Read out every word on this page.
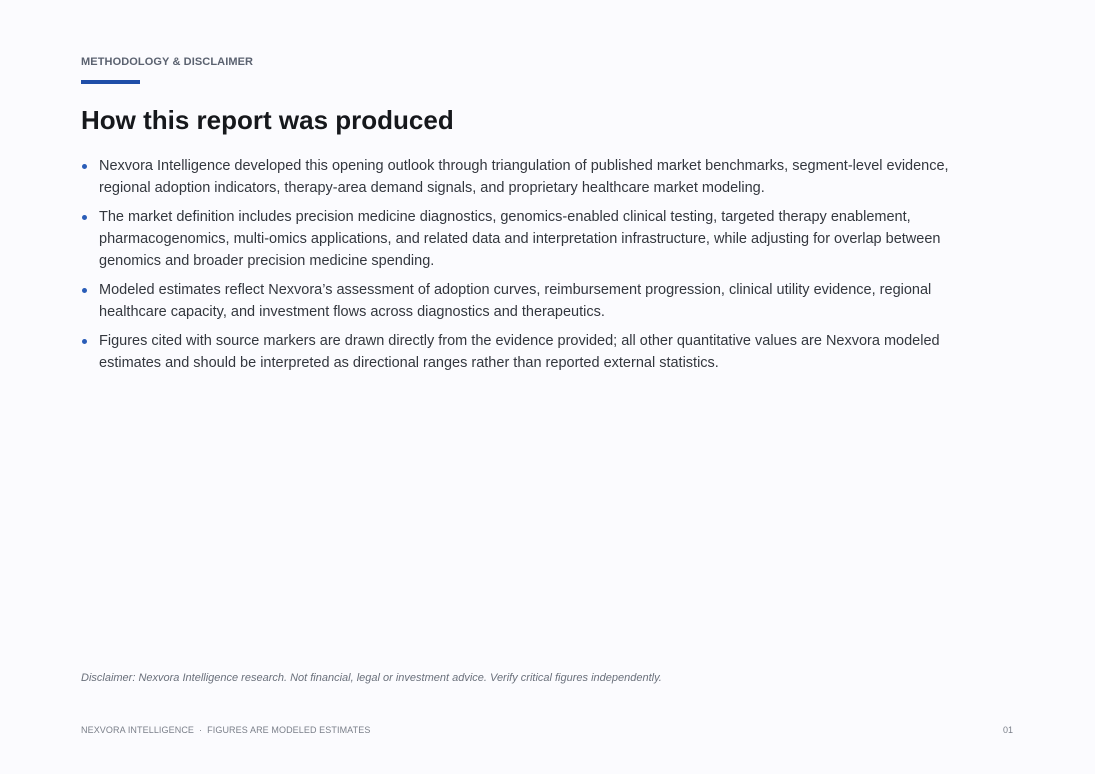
METHODOLOGY & DISCLAIMER
How this report was produced
Nexvora Intelligence developed this opening outlook through triangulation of published market benchmarks, segment-level evidence, regional adoption indicators, therapy-area demand signals, and proprietary healthcare market modeling.
The market definition includes precision medicine diagnostics, genomics-enabled clinical testing, targeted therapy enablement, pharmacogenomics, multi-omics applications, and related data and interpretation infrastructure, while adjusting for overlap between genomics and broader precision medicine spending.
Modeled estimates reflect Nexvora’s assessment of adoption curves, reimbursement progression, clinical utility evidence, regional healthcare capacity, and investment flows across diagnostics and therapeutics.
Figures cited with source markers are drawn directly from the evidence provided; all other quantitative values are Nexvora modeled estimates and should be interpreted as directional ranges rather than reported external statistics.
Disclaimer: Nexvora Intelligence research. Not financial, legal or investment advice. Verify critical figures independently.
NEXVORA INTELLIGENCE · FIGURES ARE MODELED ESTIMATES	01
